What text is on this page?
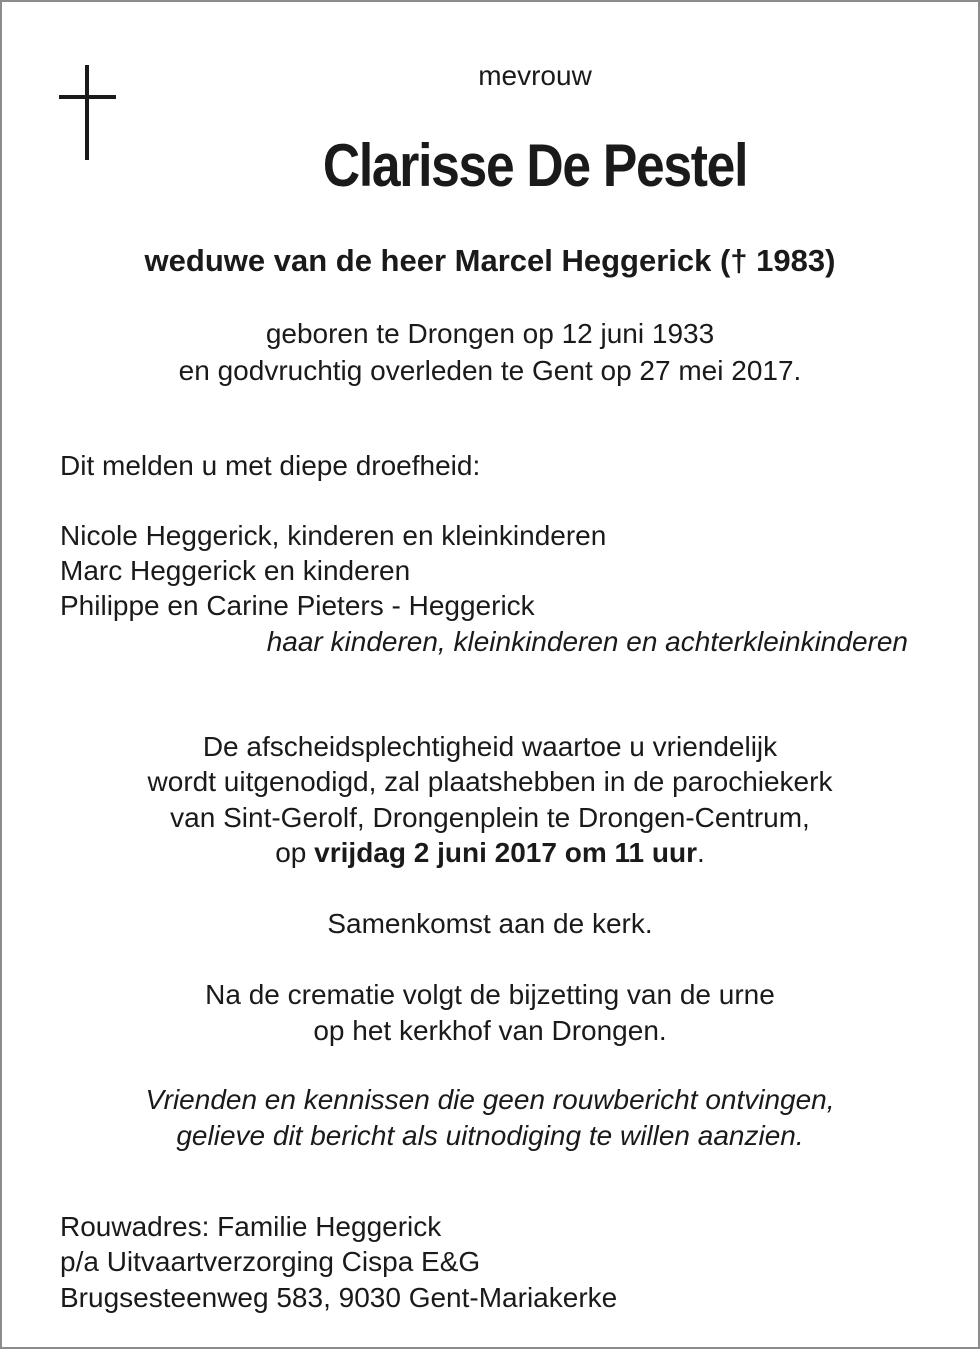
mevrouw
Clarisse De Pestel
weduwe van de heer Marcel Heggerick († 1983)
geboren te Drongen op 12 juni 1933
en godvruchtig overleden te Gent op 27 mei 2017.
Dit melden u met diepe droefheid:
Nicole Heggerick, kinderen en kleinkinderen
Marc Heggerick en kinderen
Philippe en Carine Pieters - Heggerick
haar kinderen, kleinkinderen en achterkleinkinderen
De afscheidsplechtigheid waartoe u vriendelijk
wordt uitgenodigd, zal plaatshebben in de parochiekerk
van Sint-Gerolf, Drongenplein te Drongen-Centrum,
op vrijdag 2 juni 2017 om 11 uur.
Samenkomst aan de kerk.
Na de crematie volgt de bijzetting van de urne
op het kerkhof van Drongen.
Vrienden en kennissen die geen rouwbericht ontvingen,
gelieve dit bericht als uitnodiging te willen aanzien.
Rouwadres: Familie Heggerick
p/a Uitvaartverzorging Cispa E&G
Brugsesteenweg 583, 9030 Gent-Mariakerke
